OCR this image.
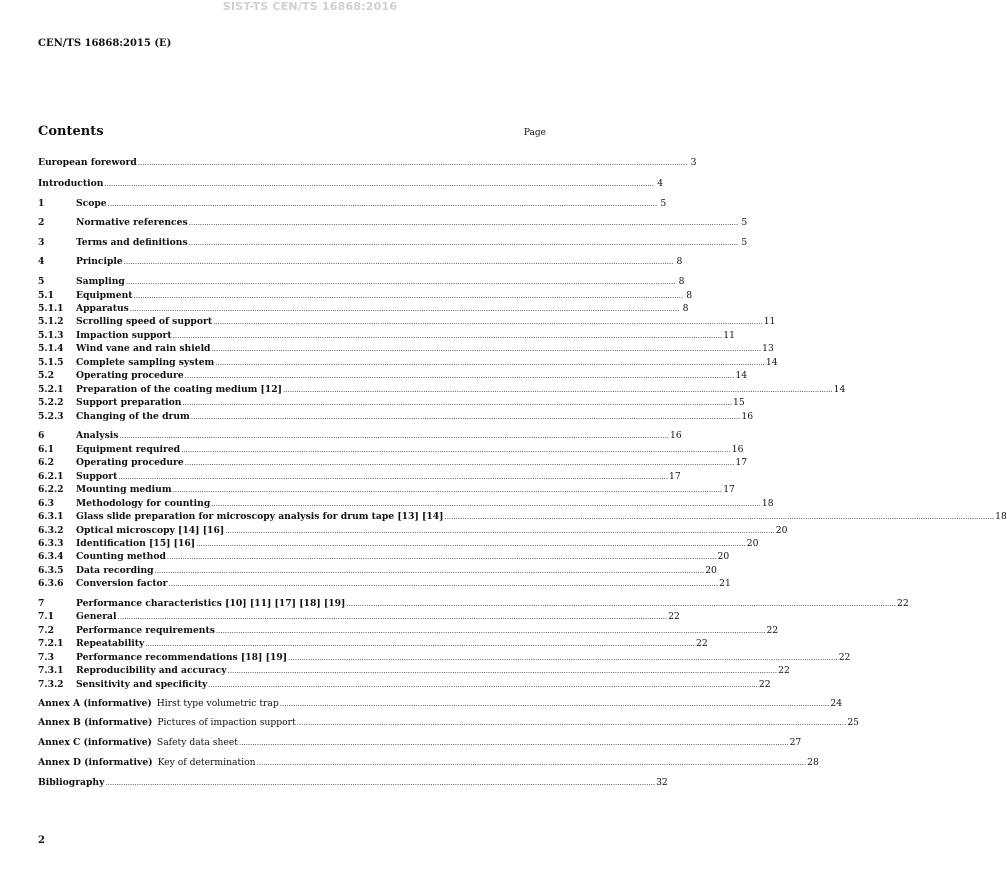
SIST-TS CEN/TS 16868:2016
CEN/TS 16868:2015 (E)
Contents	Page
European foreword .....	3
Introduction .....	4
1	Scope .....	5
2	Normative references .....	5
3	Terms and definitions .....	5
4	Principle .....	8
5	Sampling .....	8
5.1	Equipment .....	8
5.1.1	Apparatus .....	8
5.1.2	Scrolling speed of support .....	11
5.1.3	Impaction support .....	11
5.1.4	Wind vane and rain shield .....	13
5.1.5	Complete sampling system .....	14
5.2	Operating procedure .....	14
5.2.1	Preparation of the coating medium [12] .....	14
5.2.2	Support preparation .....	15
5.2.3	Changing of the drum .....	16
6	Analysis .....	16
6.1	Equipment required .....	16
6.2	Operating procedure .....	17
6.2.1	Support .....	17
6.2.2	Mounting medium .....	17
6.3	Methodology for counting .....	18
6.3.1	Glass slide preparation for microscopy analysis for drum tape [13] [14] .....	18
6.3.2	Optical microscopy [14] [16] .....	20
6.3.3	Identification [15] [16] .....	20
6.3.4	Counting method .....	20
6.3.5	Data recording .....	20
6.3.6	Conversion factor .....	21
7	Performance characteristics [10] [11] [17] [18] [19] .....	22
7.1	General .....	22
7.2	Performance requirements .....	22
7.2.1	Repeatability .....	22
7.3	Performance recommendations [18] [19] .....	22
7.3.1	Reproducibility and accuracy .....	22
7.3.2	Sensitivity and specificity .....	22
Annex A (informative) Hirst type volumetric trap .....	24
Annex B (informative) Pictures of impaction support .....	25
Annex C (informative) Safety data sheet .....	27
Annex D (informative) Key of determination .....	28
Bibliography .....	32
2
